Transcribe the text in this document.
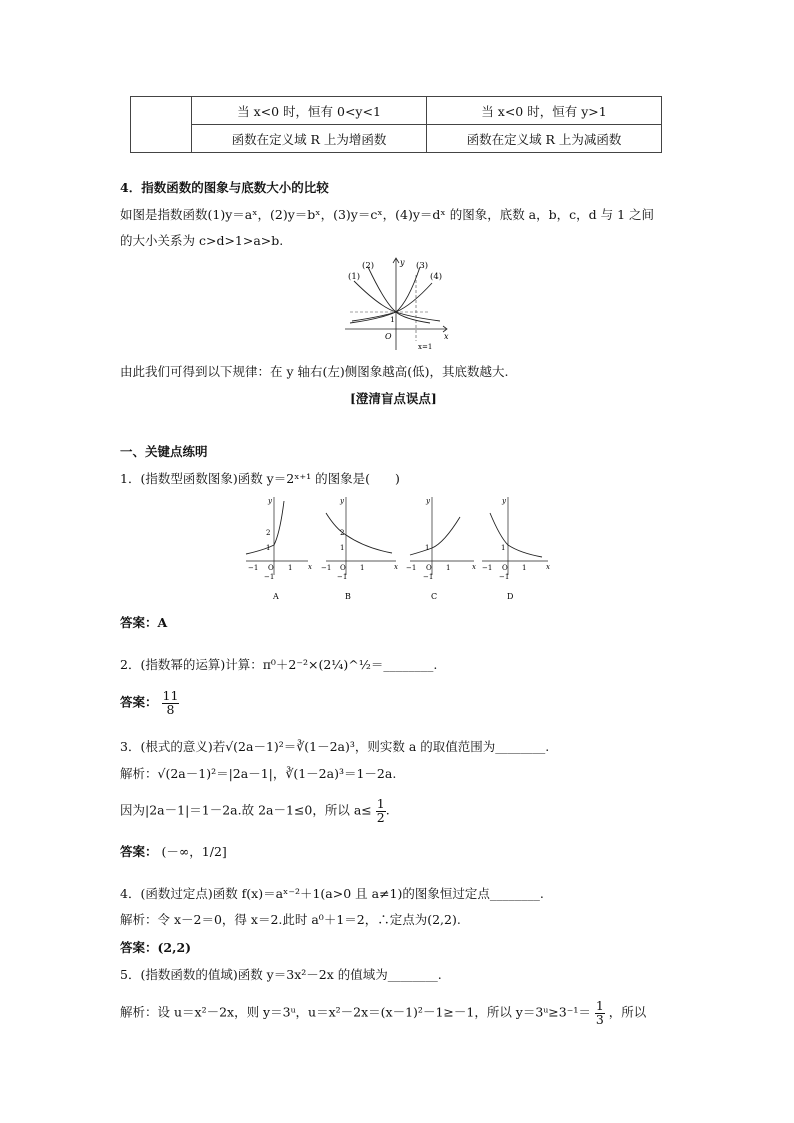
	当 x<0 时，恒有 0<y<1	当 x<0 时，恒有 y>1
	函数在定义域 R 上为增函数	函数在定义域 R 上为减函数
4．指数函数的图象与底数大小的比较
如图是指数函数(1)y＝aˣ，(2)y＝bˣ，(3)y＝cˣ，(4)y＝dˣ 的图象，底数 a，b，c，d 与 1 之间
的大小关系为 c>d>1>a>b.
(1)
(2)	(3)
(4)
y
x
O
1
x=1
由此我们可得到以下规律：在 y 轴右(左)侧图象越高(低)，其底数越大.
[澄清盲点误点]
一、关键点练明
1．(指数型函数图象)函数 y＝2ˣ⁺¹ 的图象是(　　)
y
x
2
1
−1 O 1
−1
A
y
x
2
1
−1 O 1
−1
B
y
x
1
−1 O 1
−1
C
y
x
1
−1 O 1
−1
D
答案：A
2．(指数幂的运算)计算：π⁰＋2⁻²×(2¼)^½＝________.
答案： $\frac{11}{8}$
3．(根式的意义)若√(2a－1)²＝∛(1－2a)³，则实数 a 的取值范围为________.
解析：√(2a－1)²＝|2a－1|，∛(1－2a)³＝1－2a.
因为|2a－1|＝1－2a.故 2a－1≤0，所以 $a\le \frac{1}{2}$ .
答案： (－∞，1/2]
4．(函数过定点)函数 f(x)＝aˣ⁻²＋1(a>0 且 a≠1)的图象恒过定点________.
解析：令 x－2＝0，得 x＝2.此时 a⁰＋1＝2，∴定点为(2,2).
答案：(2,2)
5．(指数函数的值域)函数 y＝3x²－2x 的值域为________.
解析：设 u＝x²－2x，则 y＝3ᵘ，u＝x²－2x＝(x－1)²－1≥－1，所以 y＝3ᵘ≥3⁻¹＝ $\frac{1}{3}$ ，所以
